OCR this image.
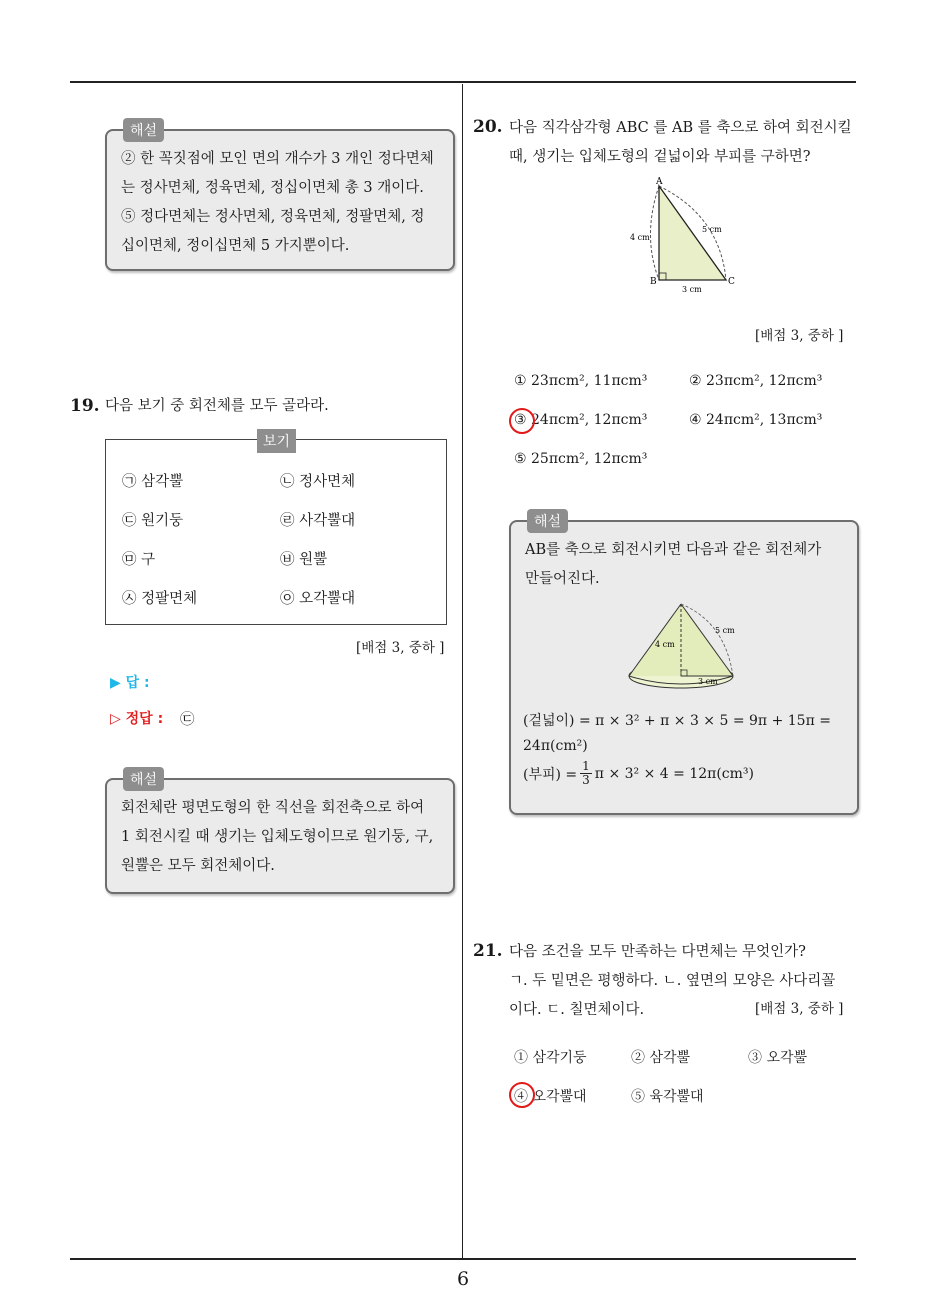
6
해설
② 한 꼭짓점에 모인 면의 개수가 3 개인 정다면체
는 정사면체, 정육면체, 정십이면체 총 3 개이다.
⑤ 정다면체는 정사면체, 정육면체, 정팔면체, 정
십이면체, 정이십면체 5 가지뿐이다.
19. 다음 보기 중 회전체를 모두 골라라.
보기
㉠ 삼각뿔	㉡ 정사면체
㉢ 원기둥	㉣ 사각뿔대
㉤ 구	㉥ 원뿔
㉦ 정팔면체	㉧ 오각뿔대
[배점 3, 중하 ]
▶ 답 :
▷ 정답 : ㉢
해설
회전체란 평면도형의 한 직선을 회전축으로 하여
1 회전시킬 때 생기는 입체도형이므로 원기둥, 구,
원뿔은 모두 회전체이다.
20. 다음 직각삼각형 ABC 를 AB 를 축으로 하여 회전시킬
때, 생기는 입체도형의 겉넓이와 부피를 구하면?
A
B	C
4 cm
5 cm
3 cm
[배점 3, 중하 ]
① 23πcm², 11πcm³	② 23πcm², 12πcm³
③ 24πcm², 12πcm³	④ 24πcm², 13πcm³
⑤ 25πcm², 12πcm³
해설
AB를 축으로 회전시키면 다음과 같은 회전체가
만들어진다.
4 cm
5 cm
3 cm
(겉넓이) = π × 3² + π × 3 × 5 = 9π + 15π =
24π(cm²)
(부피) = $\frac{1}{3}$ π × 3² × 4 = 12π(cm³)
21. 다음 조건을 모두 만족하는 다면체는 무엇인가?
ㄱ. 두 밑면은 평행하다. ㄴ. 옆면의 모양은 사다리꼴
이다. ㄷ. 칠면체이다.	[배점 3, 중하 ]
① 삼각기둥	② 삼각뿔	③ 오각뿔
④ 오각뿔대	⑤ 육각뿔대
